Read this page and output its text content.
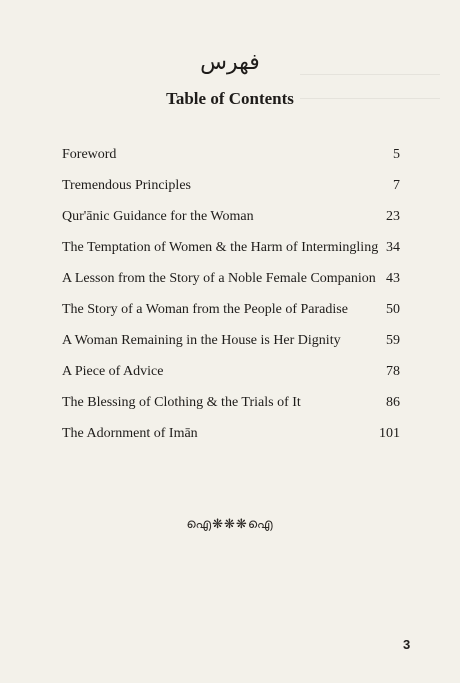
فهرس
Table of Contents
Foreword	5
Tremendous Principles	7
Qur'ānic Guidance for the Woman	23
The Temptation of Women & the Harm of Intermingling 34
A Lesson from the Story of a Noble Female Companion 43
The Story of a Woman from the People of Paradise	50
A Woman Remaining in the House is Her Dignity	59
A Piece of Advice	78
The Blessing of Clothing & the Trials of It	86
The Adornment of Imān	101
ഐ❋❋❋ഐ
3
